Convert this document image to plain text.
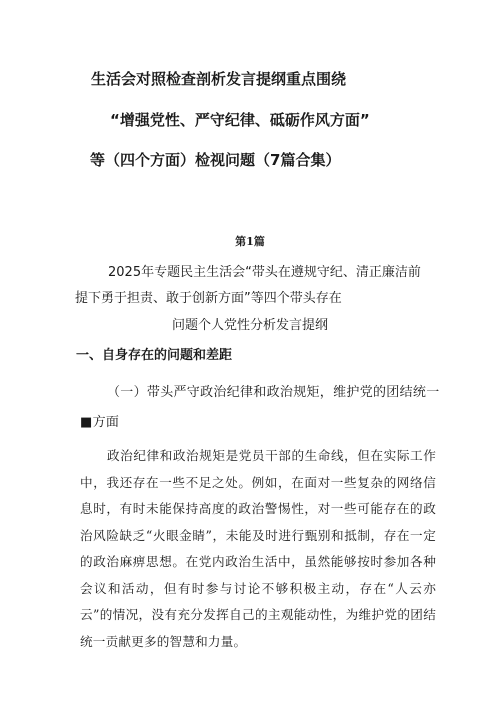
生活会对照检查剖析发言提纲重点围绕
“增强党性、严守纪律、砥砺作风方面”
等（四个方面）检视问题（7篇合集）
第1篇
2025年专题民主生活会“带头在遵规守纪、清正廉洁前
提下勇于担责、敢于创新方面”等四个带头存在
问题个人党性分析发言提纲
一、自身存在的问题和差距
（一）带头严守政治纪律和政治规矩，维护党的团结统一■方面
政治纪律和政治规矩是党员干部的生命线，但在实际工作中，我还存在一些不足之处。例如，在面对一些复杂的网络信息时，有时未能保持高度的政治警惕性，对一些可能存在的政治风险缺乏“火眼金睛”，未能及时进行甄别和抵制，存在一定的政治麻痹思想。在党内政治生活中，虽然能够按时参加各种会议和活动，但有时参与讨论不够积极主动，存在“人云亦云”的情况，没有充分发挥自己的主观能动性，为维护党的团结统一贡献更多的智慧和力量。
